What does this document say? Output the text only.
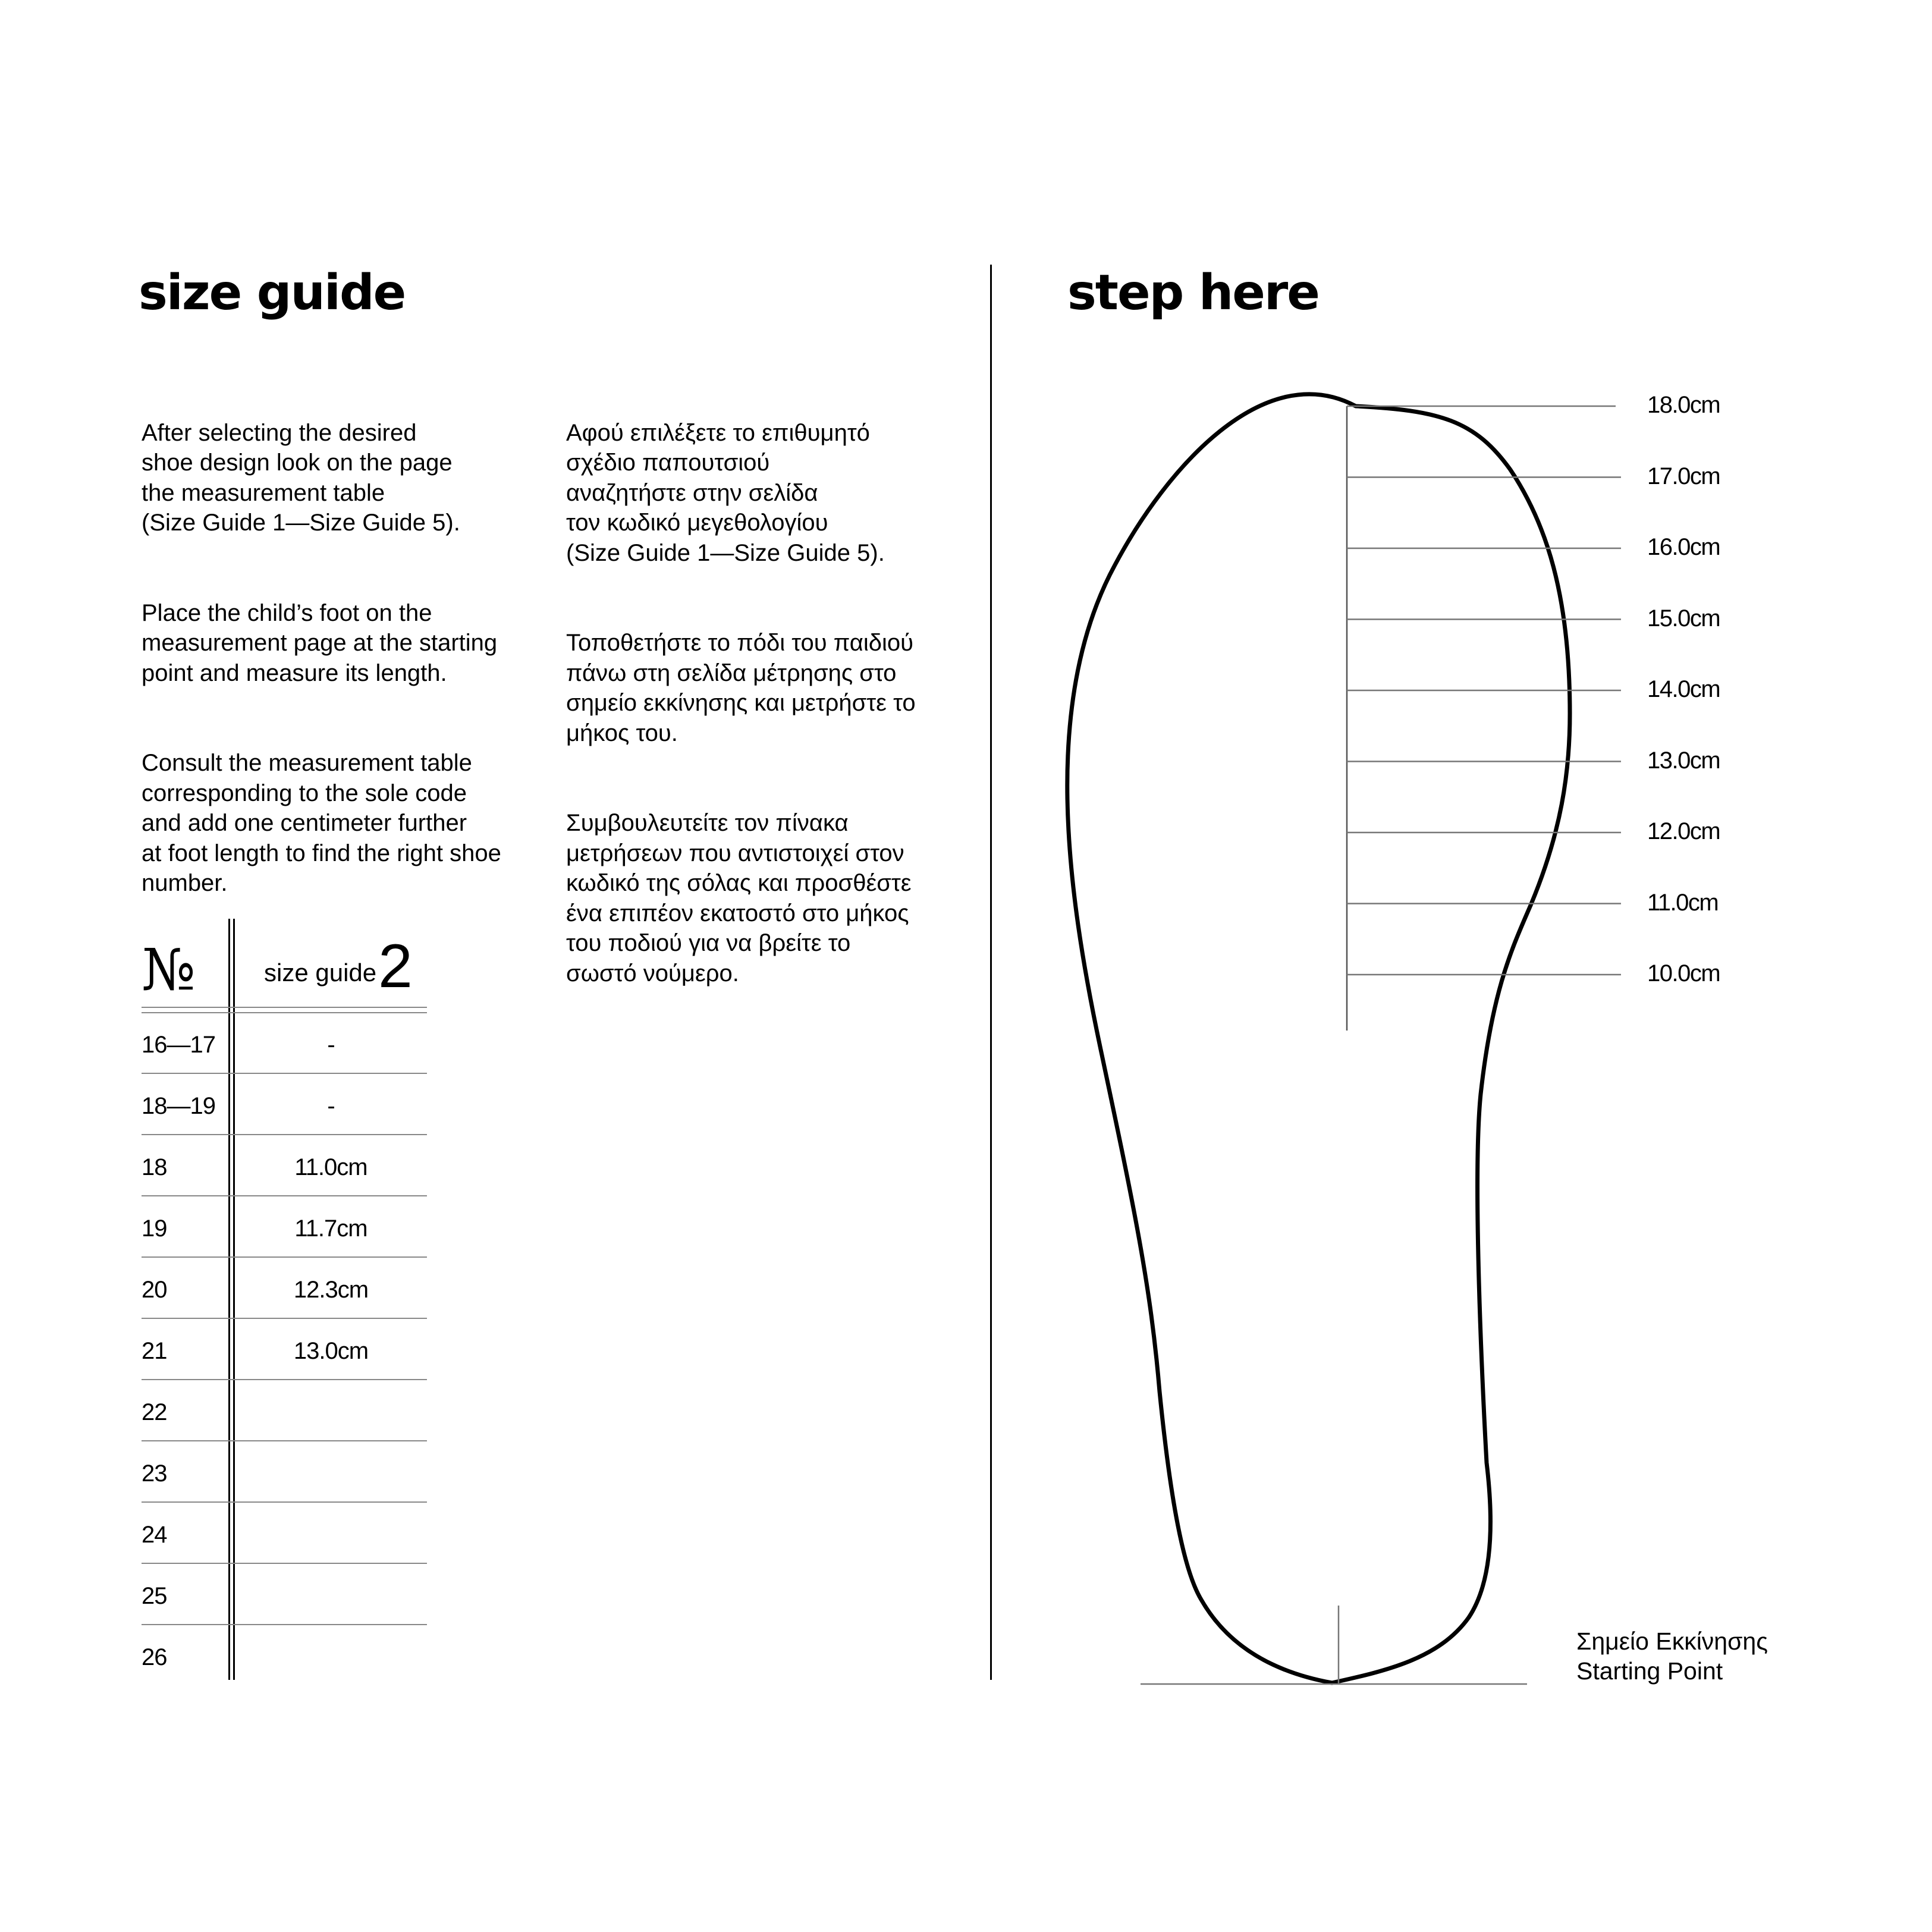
size guide

After selecting the desired
shoe design look on the page
the measurement table
(Size Guide 1—Size Guide 5).

Place the child’s foot on the
measurement page at the starting
point and measure its length.

Consult the measurement table
corresponding to the sole code
and add one centimeter further
at foot length to find the right shoe
number.

Αφού επιλέξετε το επιθυμητό
σχέδιο παπουτσιού
αναζητήστε στην σελίδα
τον κωδικό μεγεθολογίου
(Size Guide 1—Size Guide 5).

Τοποθετήστε το πόδι του παιδιού
πάνω στη σελίδα μέτρησης στο
σημείο εκκίνησης και μετρήστε το
μήκος του.

Συμβουλευτείτε τον πίνακα
μετρήσεων που αντιστοιχεί στον
κωδικό της σόλας και προσθέστε
ένα επιπέον εκατοστό στο μήκος
του ποδιού για να βρείτε το
σωστό νούμερο.

№	size guide 2
16—17	-
18—19	-
18	11.0cm
19	11.7cm
20	12.3cm
21	13.0cm
22
23
24
25
26
step here
18.0cm
17.0cm
16.0cm
15.0cm
14.0cm
13.0cm
12.0cm
11.0cm
10.0cm
Σημείο Εκκίνησης
Starting Point
